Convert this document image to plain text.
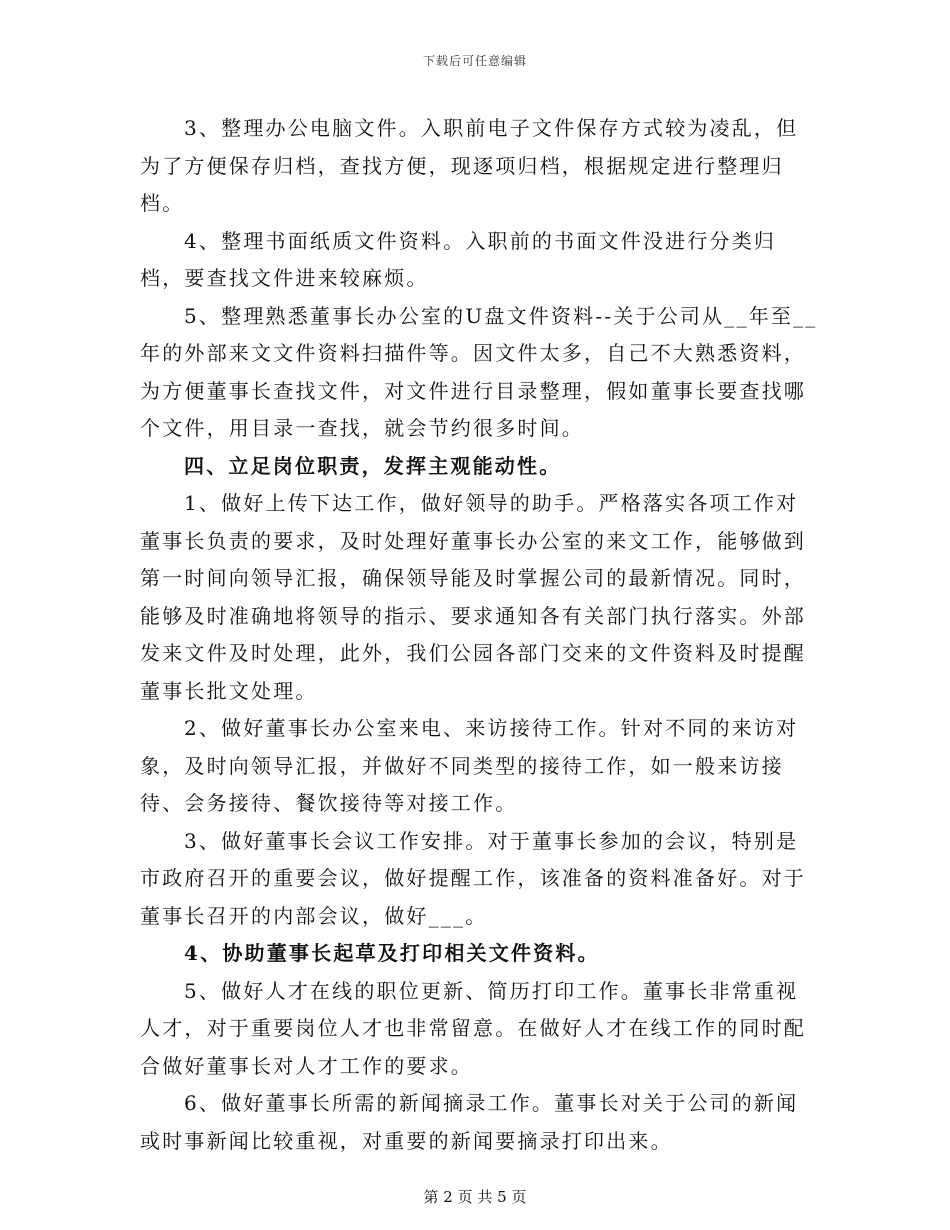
下载后可任意编辑

3、整理办公电脑文件。入职前电子文件保存方式较为凌乱，但为了方便保存归档，查找方便，现逐项归档，根据规定进行整理归档。

4、整理书面纸质文件资料。入职前的书面文件没进行分类归档，要查找文件进来较麻烦。

5、整理熟悉董事长办公室的U盘文件资料--关于公司从__年至__年的外部来文文件资料扫描件等。因文件太多，自己不大熟悉资料，为方便董事长查找文件，对文件进行目录整理，假如董事长要查找哪个文件，用目录一查找，就会节约很多时间。

四、立足岗位职责，发挥主观能动性。

1、做好上传下达工作，做好领导的助手。严格落实各项工作对董事长负责的要求，及时处理好董事长办公室的来文工作，能够做到第一时间向领导汇报，确保领导能及时掌握公司的最新情况。同时，能够及时准确地将领导的指示、要求通知各有关部门执行落实。外部发来文件及时处理，此外，我们公园各部门交来的文件资料及时提醒董事长批文处理。

2、做好董事长办公室来电、来访接待工作。针对不同的来访对象，及时向领导汇报，并做好不同类型的接待工作，如一般来访接待、会务接待、餐饮接待等对接工作。

3、做好董事长会议工作安排。对于董事长参加的会议，特别是市政府召开的重要会议，做好提醒工作，该准备的资料准备好。对于董事长召开的内部会议，做好___。

4、协助董事长起草及打印相关文件资料。

5、做好人才在线的职位更新、简历打印工作。董事长非常重视人才，对于重要岗位人才也非常留意。在做好人才在线工作的同时配合做好董事长对人才工作的要求。

6、做好董事长所需的新闻摘录工作。董事长对关于公司的新闻或时事新闻比较重视，对重要的新闻要摘录打印出来。

第 2 页 共 5 页
